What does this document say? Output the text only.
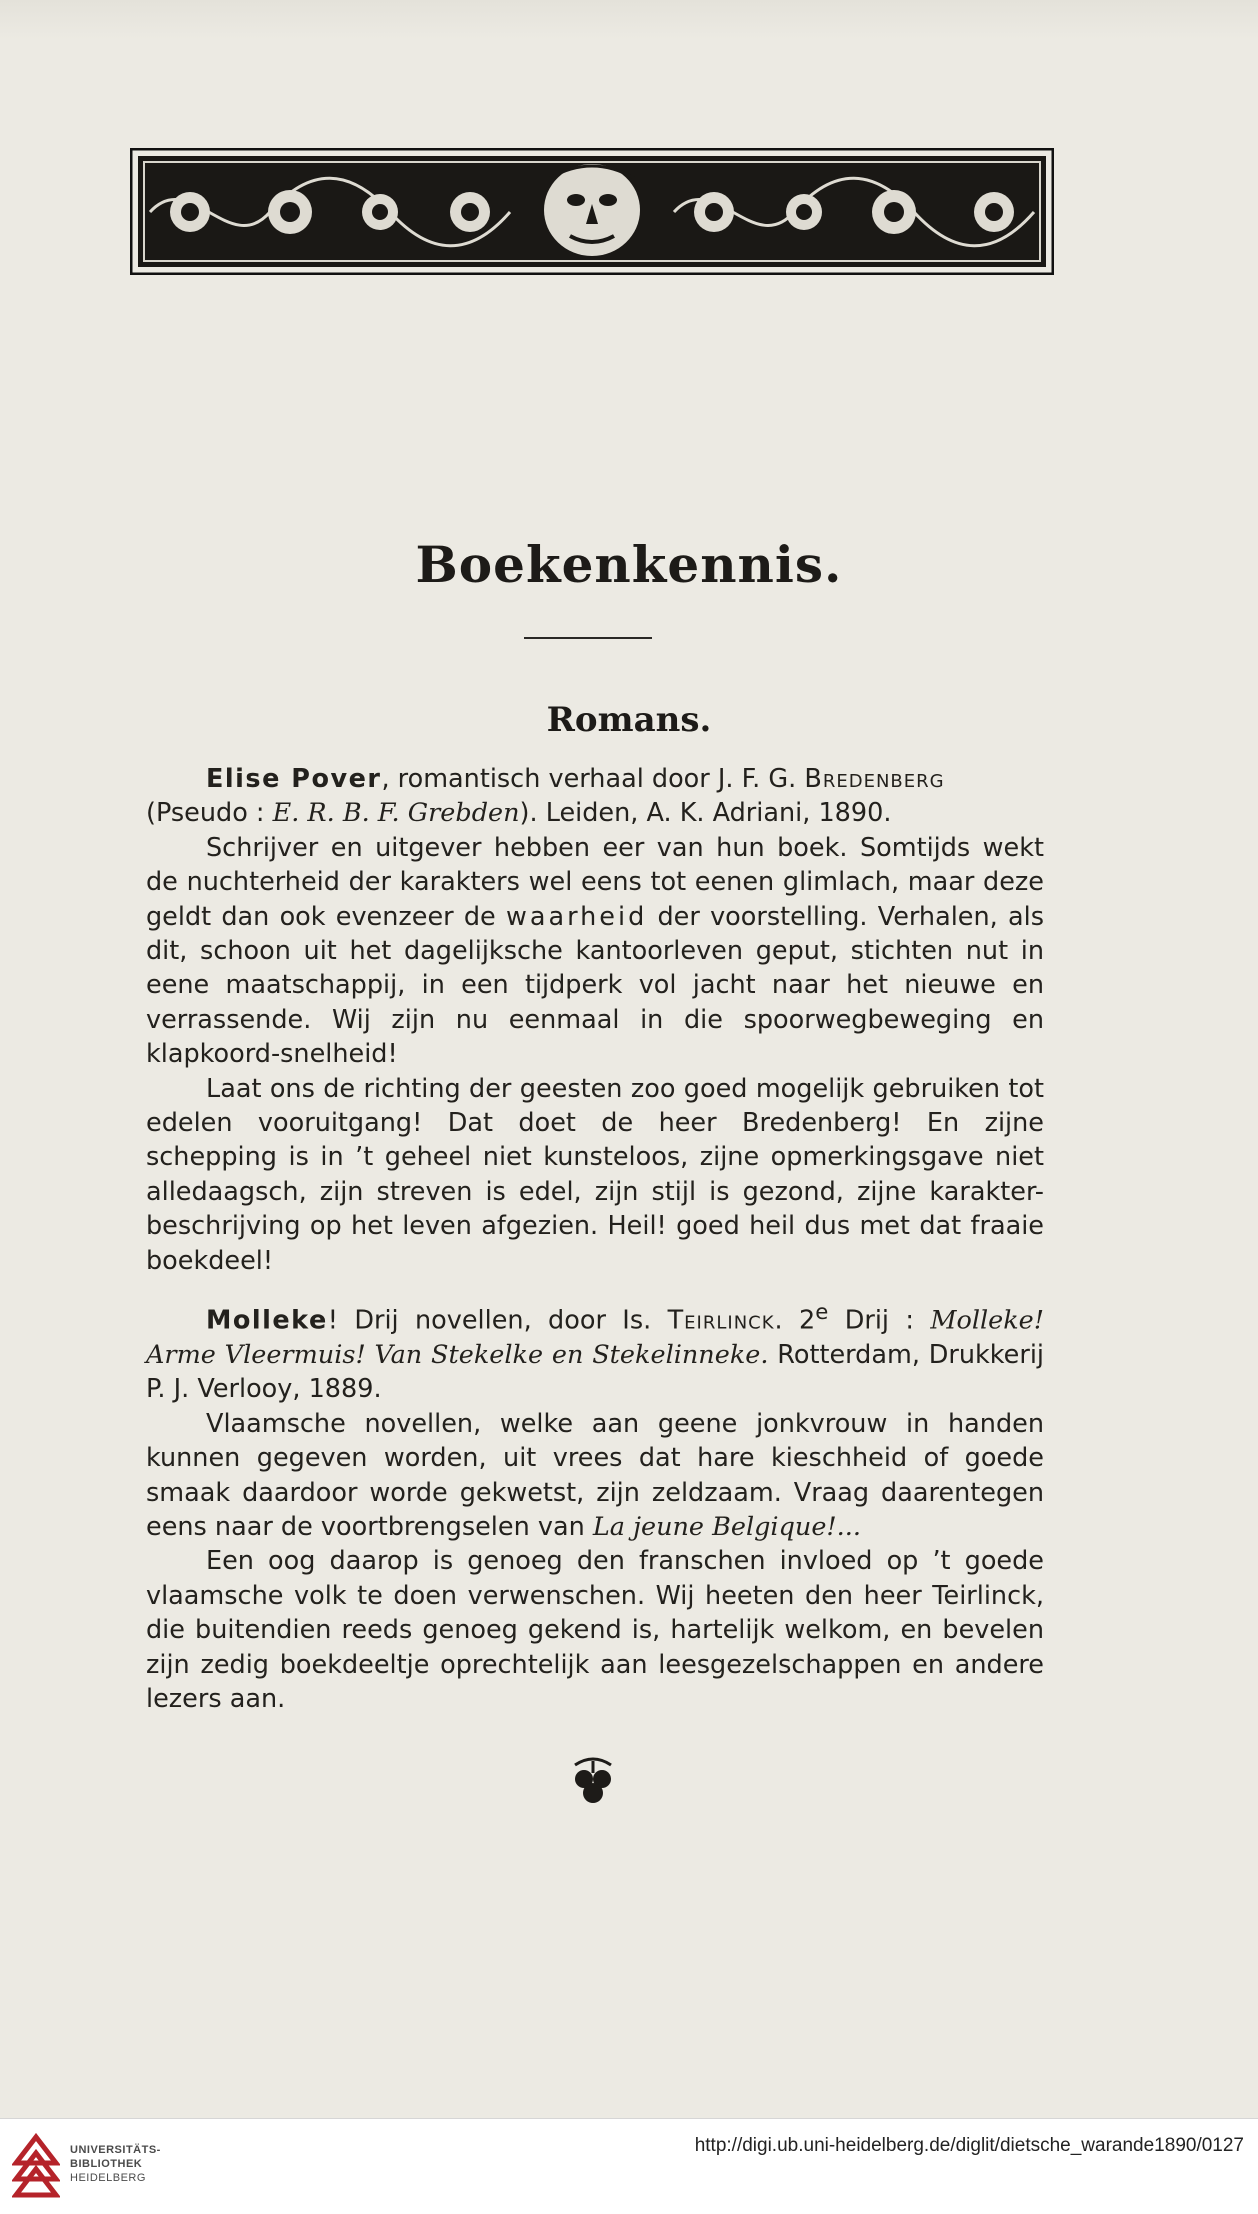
Boekenkennis.
Romans.

Elise Pover, romantisch verhaal door J. F. G. Bredenberg
(Pseudo : E. R. B. F. Grebden). Leiden, A. K. Adriani, 1890.

Schrijver en uitgever hebben eer van hun boek. Somtijds wekt de nuchterheid der karakters wel eens tot eenen glimlach, maar deze geldt dan ook evenzeer de waarheid der voorstelling. Verhalen, als dit, schoon uit het dagelijksche kantoorleven geput, stichten nut in eene maatschappij, in een tijdperk vol jacht naar het nieuwe en verrassende. Wij zijn nu eenmaal in die spoorwegbeweging en klapkoord-snelheid!

Laat ons de richting der geesten zoo goed mogelijk gebruiken tot edelen vooruitgang! Dat doet de heer Bredenberg! En zijne schepping is in ’t geheel niet kunsteloos, zijne opmerkingsgave niet alledaagsch, zijn streven is edel, zijn stijl is gezond, zijne karakter-beschrijving op het leven afgezien. Heil! goed heil dus met dat fraaie boekdeel!

Molleke! Drij novellen, door Is. Teirlinck. 2e Drij : Molleke! Arme Vleermuis! Van Stekelke en Stekelinneke. Rotterdam, Drukkerij P. J. Verlooy, 1889.

Vlaamsche novellen, welke aan geene jonkvrouw in handen kunnen gegeven worden, uit vrees dat hare kieschheid of goede smaak daardoor worde gekwetst, zijn zeldzaam. Vraag daarentegen eens naar de voortbrengselen van La jeune Belgique!...

Een oog daarop is genoeg den franschen invloed op ’t goede vlaamsche volk te doen verwenschen. Wij heeten den heer Teirlinck, die buitendien reeds genoeg gekend is, hartelijk welkom, en bevelen zijn zedig boekdeeltje oprechtelijk aan leesgezelschappen en andere lezers aan.

UNIVERSITÄTS-
BIBLIOTHEK
HEIDELBERG
http://digi.ub.uni-heidelberg.de/diglit/dietsche_warande1890/0127
